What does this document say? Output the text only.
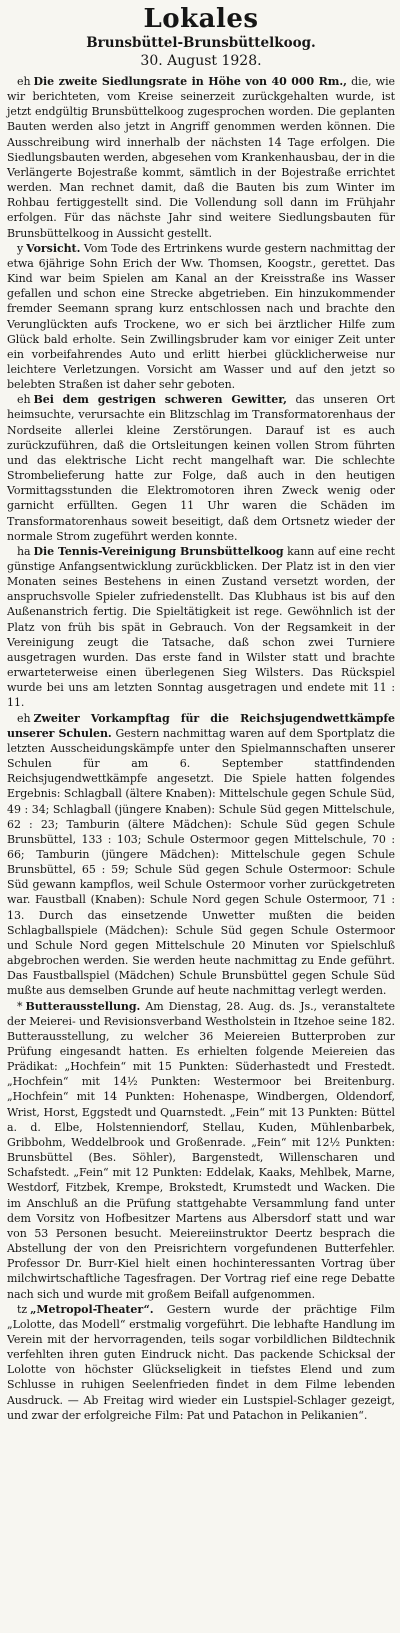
Lokales
Brunsbüttel-Brunsbüttelkoog.
30. August 1928.

eh Die zweite Siedlungsrate in Höhe von 40 000 Rm., die, wie wir berichteten, vom Kreise seinerzeit zurückgehalten wurde, ist jetzt endgültig Brunsbüttelkoog zugesprochen worden. Die geplanten Bauten werden also jetzt in Angriff genommen werden können. Die Ausschreibung wird innerhalb der nächsten 14 Tage erfolgen. Die Siedlungsbauten werden, abgesehen vom Krankenhausbau, der in die Verlängerte Bojestraße kommt, sämtlich in der Bojestraße errichtet werden. Man rechnet damit, daß die Bauten bis zum Winter im Rohbau fertiggestellt sind. Die Vollendung soll dann im Frühjahr erfolgen. Für das nächste Jahr sind weitere Siedlungsbauten für Brunsbüttelkoog in Aussicht gestellt.

y Vorsicht. Vom Tode des Ertrinkens wurde gestern nachmittag der etwa 6jährige Sohn Erich der Ww. Thomsen, Koogstr., gerettet. Das Kind war beim Spielen am Kanal an der Kreisstraße ins Wasser gefallen und schon eine Strecke abgetrieben. Ein hinzukommender fremder Seemann sprang kurz entschlossen nach und brachte den Verunglückten aufs Trockene, wo er sich bei ärztlicher Hilfe zum Glück bald erholte. Sein Zwillingsbruder kam vor einiger Zeit unter ein vorbeifahrendes Auto und erlitt hierbei glücklicherweise nur leichtere Verletzungen. Vorsicht am Wasser und auf den jetzt so belebten Straßen ist daher sehr geboten.

eh Bei dem gestrigen schweren Gewitter, das unseren Ort heimsuchte, verursachte ein Blitzschlag im Transformatorenhaus der Nordseite allerlei kleine Zerstörungen. Darauf ist es auch zurückzuführen, daß die Ortsleitungen keinen vollen Strom führten und das elektrische Licht recht mangelhaft war. Die schlechte Strombelieferung hatte zur Folge, daß auch in den heutigen Vormittagsstunden die Elektromotoren ihren Zweck wenig oder garnicht erfüllten. Gegen 11 Uhr waren die Schäden im Transformatorenhaus soweit beseitigt, daß dem Ortsnetz wieder der normale Strom zugeführt werden konnte.

ha Die Tennis-Vereinigung Brunsbüttelkoog kann auf eine recht günstige Anfangsentwicklung zurückblicken. Der Platz ist in den vier Monaten seines Bestehens in einen Zustand versetzt worden, der anspruchsvolle Spieler zufriedenstellt. Das Klubhaus ist bis auf den Außenanstrich fertig. Die Spieltätigkeit ist rege. Gewöhnlich ist der Platz von früh bis spät in Gebrauch. Von der Regsamkeit in der Vereinigung zeugt die Tatsache, daß schon zwei Turniere ausgetragen wurden. Das erste fand in Wilster statt und brachte erwarteterweise einen überlegenen Sieg Wilsters. Das Rückspiel wurde bei uns am letzten Sonntag ausgetragen und endete mit 11 : 11.

eh Zweiter Vorkampftag für die Reichsjugendwettkämpfe unserer Schulen. Gestern nachmittag waren auf dem Sportplatz die letzten Ausscheidungskämpfe unter den Spielmannschaften unserer Schulen für am 6. September stattfindenden Reichsjugendwettkämpfe angesetzt. Die Spiele hatten folgendes Ergebnis: Schlagball (ältere Knaben): Mittelschule gegen Schule Süd, 49 : 34; Schlagball (jüngere Knaben): Schule Süd gegen Mittelschule, 62 : 23; Tamburin (ältere Mädchen): Schule Süd gegen Schule Brunsbüttel, 133 : 103; Schule Ostermoor gegen Mittelschule, 70 : 66; Tamburin (jüngere Mädchen): Mittelschule gegen Schule Brunsbüttel, 65 : 59; Schule Süd gegen Schule Ostermoor: Schule Süd gewann kampflos, weil Schule Ostermoor vorher zurückgetreten war. Faustball (Knaben): Schule Nord gegen Schule Ostermoor, 71 : 13. Durch das einsetzende Unwetter mußten die beiden Schlagballspiele (Mädchen): Schule Süd gegen Schule Ostermoor und Schule Nord gegen Mittelschule 20 Minuten vor Spielschluß abgebrochen werden. Sie werden heute nachmittag zu Ende geführt. Das Faustballspiel (Mädchen) Schule Brunsbüttel gegen Schule Süd mußte aus demselben Grunde auf heute nachmittag verlegt werden.

* Butterausstellung. Am Dienstag, 28. Aug. ds. Js., veranstaltete der Meierei- und Revisionsverband Westholstein in Itzehoe seine 182. Butterausstellung, zu welcher 36 Meiereien Butterproben zur Prüfung eingesandt hatten. Es erhielten folgende Meiereien das Prädikat: „Hochfein“ mit 15 Punkten: Süderhastedt und Frestedt. „Hochfein“ mit 14½ Punkten: Westermoor bei Breitenburg. „Hochfein“ mit 14 Punkten: Hohenaspe, Windbergen, Oldendorf, Wrist, Horst, Eggstedt und Quarnstedt. „Fein“ mit 13 Punkten: Büttel a. d. Elbe, Holstenniendorf, Stellau, Kuden, Mühlenbarbek, Gribbohm, Weddelbrook und Großenrade. „Fein“ mit 12½ Punkten: Brunsbüttel (Bes. Söhler), Bargenstedt, Willenscharen und Schafstedt. „Fein“ mit 12 Punkten: Eddelak, Kaaks, Mehlbek, Marne, Westdorf, Fitzbek, Krempe, Brokstedt, Krumstedt und Wacken. Die im Anschluß an die Prüfung stattgehabte Versammlung fand unter dem Vorsitz von Hofbesitzer Martens aus Albersdorf statt und war von 53 Personen besucht. Meiereiinstruktor Deertz besprach die Abstellung der von den Preisrichtern vorgefundenen Butterfehler. Professor Dr. Burr-Kiel hielt einen hochinteressanten Vortrag über milchwirtschaftliche Tagesfragen. Der Vortrag rief eine rege Debatte nach sich und wurde mit großem Beifall aufgenommen.

tz „Metropol-Theater“. Gestern wurde der prächtige Film „Lolotte, das Modell“ erstmalig vorgeführt. Die lebhafte Handlung im Verein mit der hervorragenden, teils sogar vorbildlichen Bildtechnik verfehlten ihren guten Eindruck nicht. Das packende Schicksal der Lolotte von höchster Glückseligkeit in tiefstes Elend und zum Schlusse in ruhigen Seelenfrieden findet in dem Filme lebenden Ausdruck. — Ab Freitag wird wieder ein Lustspiel-Schlager gezeigt, und zwar der erfolgreiche Film: Pat und Patachon in Pelikanien“.
